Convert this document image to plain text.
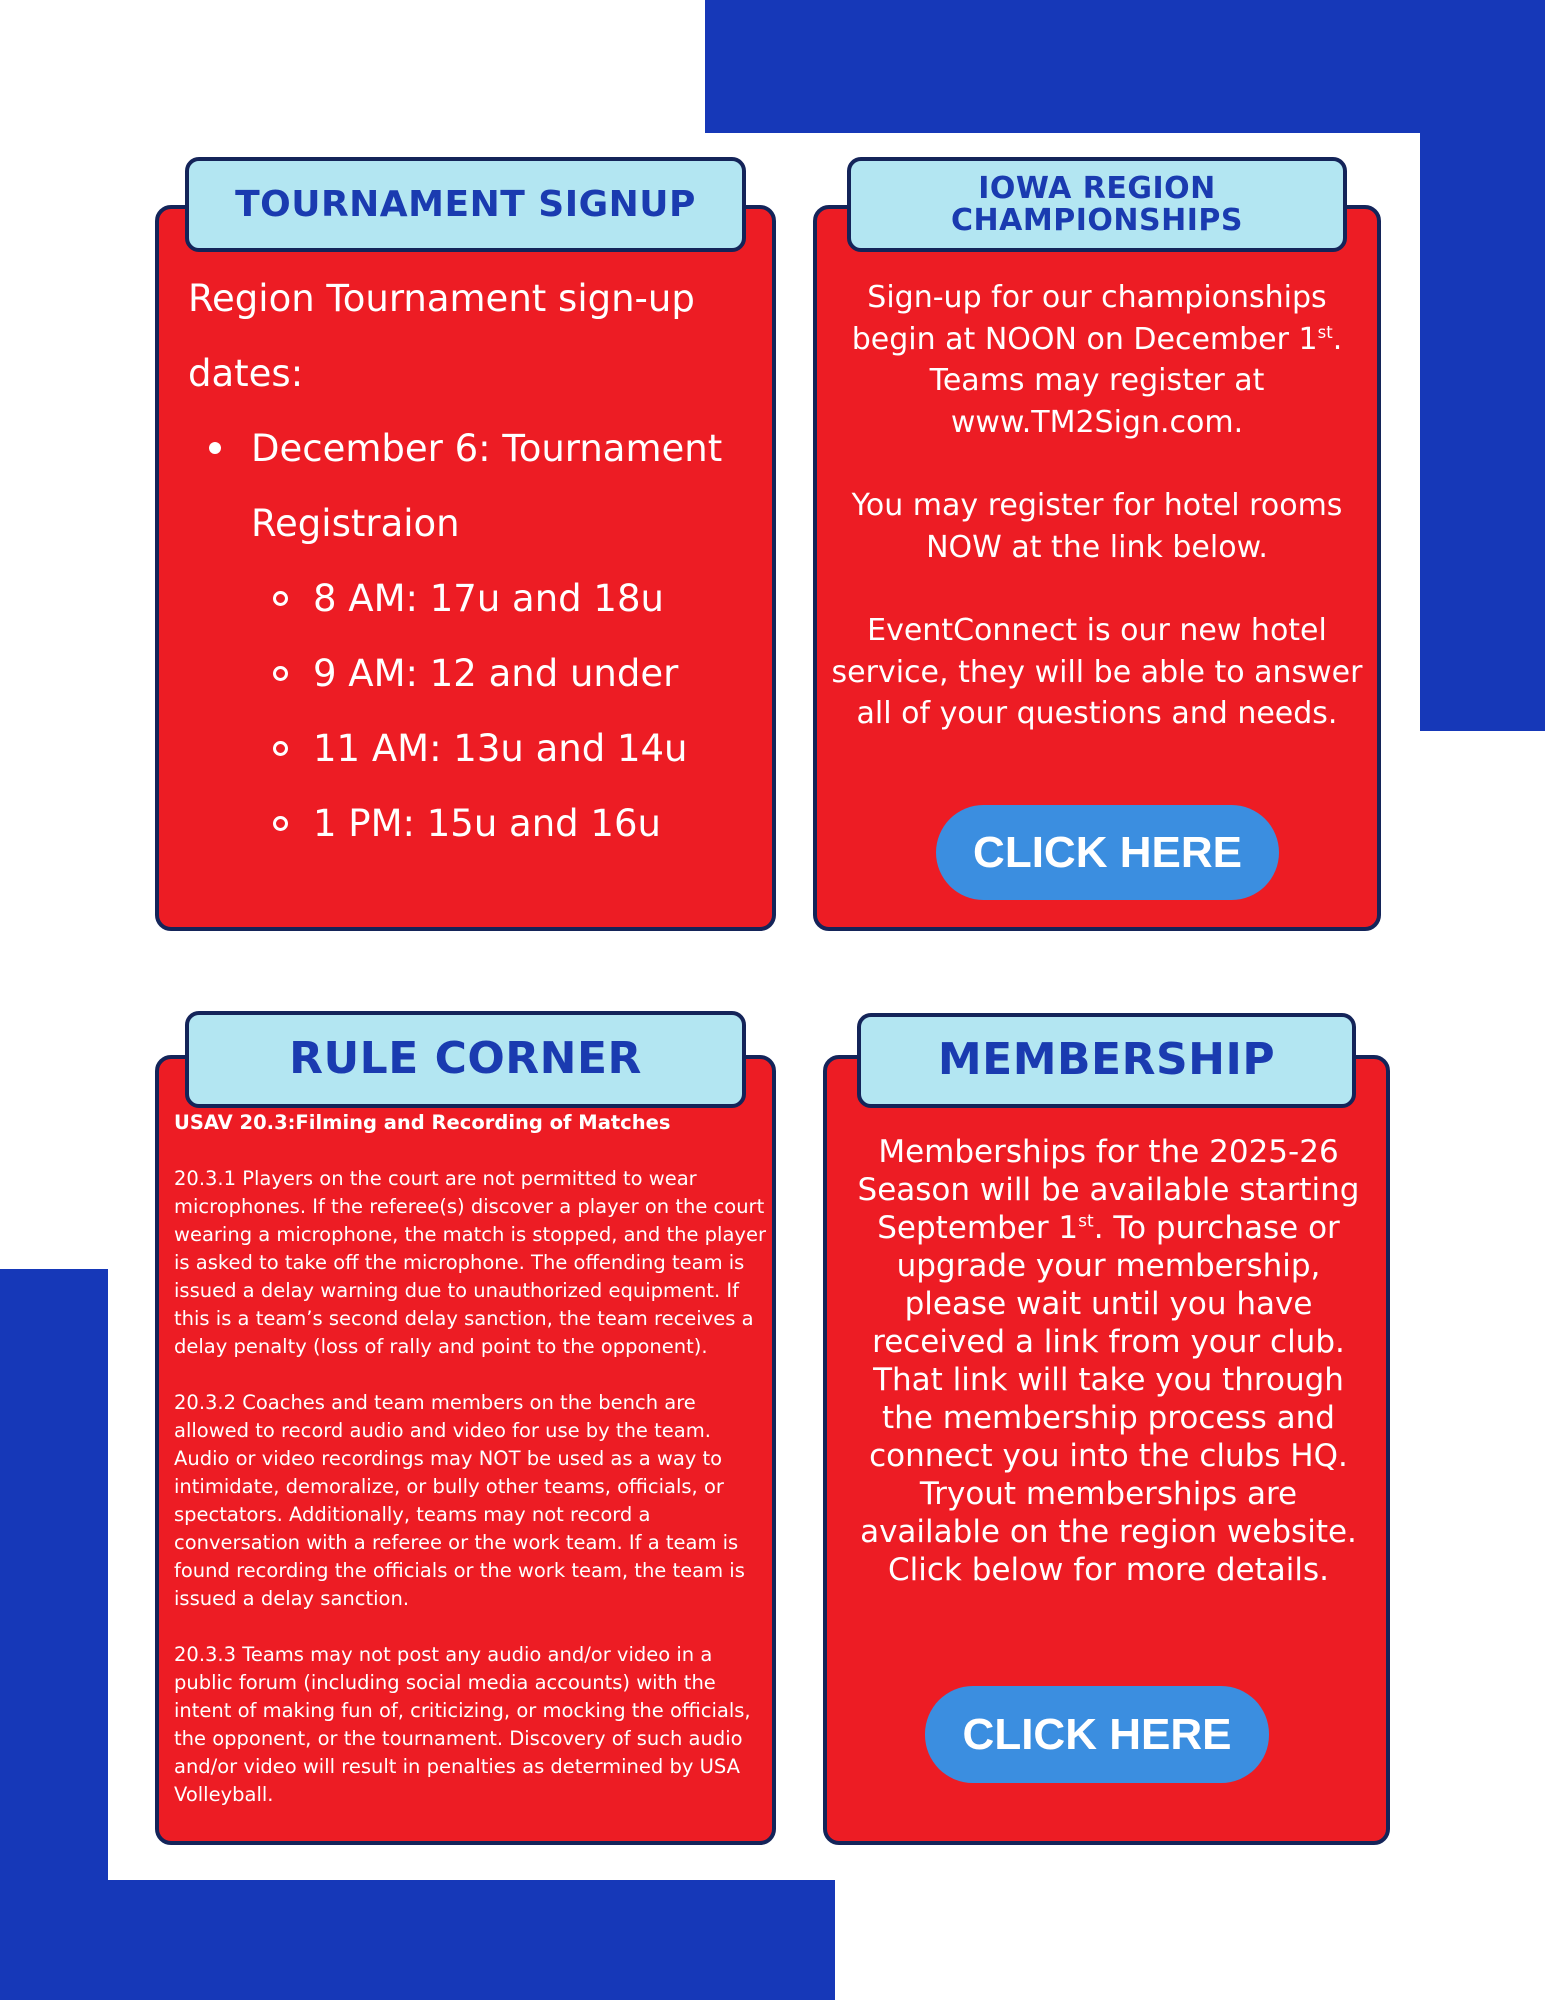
Region Tournament sign-up
dates:
December 6: Tournament
Registraion
8 AM: 17u and 18u
9 AM: 12 and under
11 AM: 13u and 14u
1 PM: 15u and 16u
TOURNAMENT SIGNUP

Sign-up for our championships begin at NOON on December 1st. Teams may register at www.TM2Sign.com.

You may register for hotel rooms NOW at the link below.

EventConnect is our new hotel service, they will be able to answer all of your questions and needs.

IOWA REGION
CHAMPIONSHIPS
CLICK HERE

USAV 20.3:Filming and Recording of Matches

20.3.1 Players on the court are not permitted to wear microphones. If the referee(s) discover a player on the court wearing a microphone, the match is stopped, and the player is asked to take off the microphone. The offending team is issued a delay warning due to unauthorized equipment. If this is a team’s second delay sanction, the team receives a delay penalty (loss of rally and point to the opponent).

20.3.2 Coaches and team members on the bench are allowed to record audio and video for use by the team. Audio or video recordings may NOT be used as a way to intimidate, demoralize, or bully other teams, officials, or spectators. Additionally, teams may not record a conversation with a referee or the work team. If a team is found recording the officials or the work team, the team is issued a delay sanction.

20.3.3 Teams may not post any audio and/or video in a public forum (including social media accounts) with the intent of making fun of, criticizing, or mocking the officials, the opponent, or the tournament. Discovery of such audio and/or video will result in penalties as determined by USA Volleyball.

RULE CORNER
Memberships for the 2025-26 Season will be available starting September 1st. To purchase or upgrade your membership, please wait until you have received a link from your club. That link will take you through the membership process and connect you into the clubs HQ. Tryout memberships are available on the region website. Click below for more details.
MEMBERSHIP
CLICK HERE
